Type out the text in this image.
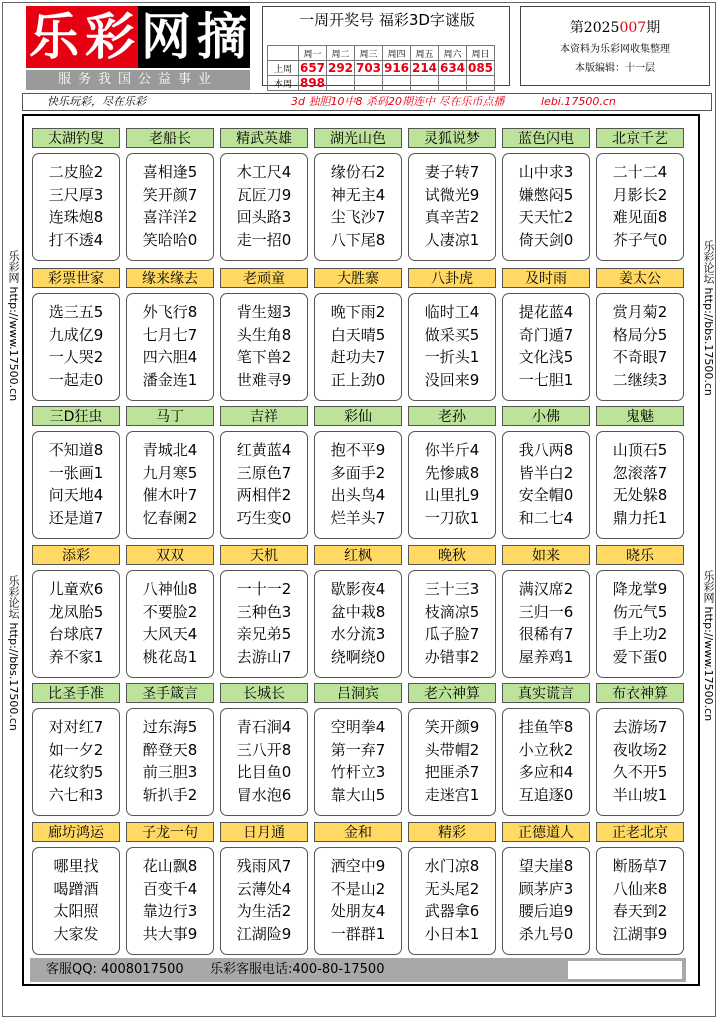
乐 彩 网 摘
服务我国公益事业
一周开奖号 福彩3D字谜版
	周一	周二	周三	周四	周五	周六	周日
上周	657	292	703	916	214	634	085
本周	898						
第2025007期
本资料为乐彩网收集整理
本版编辑：十一层
快乐玩彩，尽在乐彩	3d 独胆10中8 杀码20期连中 尽在乐币点播	lebi.17500.cn
太湖钓叟
二皮脸2
三尺厚3
连珠炮8
打不透4
老船长
喜相逢5
笑开颜7
喜洋洋2
笑哈哈0
精武英雄
木工尺4
瓦匠刀9
回头路3
走一招0
湖光山色
缘份石2
神无主4
尘飞沙7
八下尾8
灵狐说梦
妻子转7
试微光9
真辛苦2
人凄凉1
蓝色闪电
山中求3
嫌憋闷5
天天忙2
倚天剑0
北京千艺
二十二4
月影长2
难见面8
芥子气0
彩票世家
选三五5
九成亿9
一人哭2
一起走0
缘来缘去
外飞行8
七月七7
四六胆4
潘金连1
老顽童
背生翅3
头生角8
笔下兽2
世难寻9
大胜寨
晚下雨2
白天晴5
赶功夫7
正上劲0
八卦虎
临时工4
做采买5
一折头1
没回来9
及时雨
提花蓝4
奇门遁7
文化浅5
一七胆1
姜太公
赏月菊2
格局分5
不奇眼7
二继续3
三D狂虫
不知道8
一张画1
问天地4
还是道7
马丁
青城北4
九月寒5
催木叶7
忆春阑2
吉祥
红黄蓝4
三原色7
两相伴2
巧生变0
彩仙
抱不平9
多面手2
出头鸟4
烂羊头7
老孙
你半斤4
先惨戚8
山里扎9
一刀砍1
小佛
我八两8
皆半白2
安全帽0
和二七4
鬼魅
山顶石5
忽滚落7
无处躲8
鼎力托1
添彩
儿童欢6
龙凤胎5
台球底7
养不家1
双双
八神仙8
不要脸2
大风天4
桃花岛1
天机
一十一2
三种色3
亲兄弟5
去游山7
红枫
歇影夜4
盆中栽8
水分流3
绕啊绕0
晚秋
三十三3
枝滴凉5
瓜子脸7
办错事2
如来
满汉席2
三归一6
很稀有7
屋养鸡1
晓乐
降龙掌9
伤元气5
手上功2
爱下蛋0
比圣手准
对对红7
如一夕2
花纹豹5
六七和3
圣手箴言
过东海5
醉登天8
前三胆3
斩扒手2
长城长
青石涧4
三八开8
比目鱼0
冒水泡6
吕洞宾
空明拳4
第一弃7
竹杆立3
靠大山5
老六神算
笑开颜9
头带帽2
把匪杀7
走迷宫1
真实谎言
挂鱼竿8
小立秋2
多应和4
互追逐0
布衣神算
去游场7
夜收场2
久不开5
半山坡1
廊坊鸿运
哪里找
喝蹭酒
太阳照
大家发
子龙一句
花山飘8
百变千4
靠边行3
共大事9
日月通
残雨风7
云薄处4
为生活2
江湖险9
金和
洒空中9
不是山2
处朋友4
一群群1
精彩
水门凉8
无头尾2
武器拿6
小日本1
正德道人
望夫崖8
顾茅庐3
腰后追9
杀九号0
正老北京
断肠草7
八仙来8
春天到2
江湖事9
客服QQ: 4008017500 乐彩客服电话:400-80-17500
乐彩网 http://www.17500.cn
乐彩论坛 http://bbs.17500.cn
乐彩论坛 http://bbs.17500.cn
乐彩网 http://www.17500.cn
